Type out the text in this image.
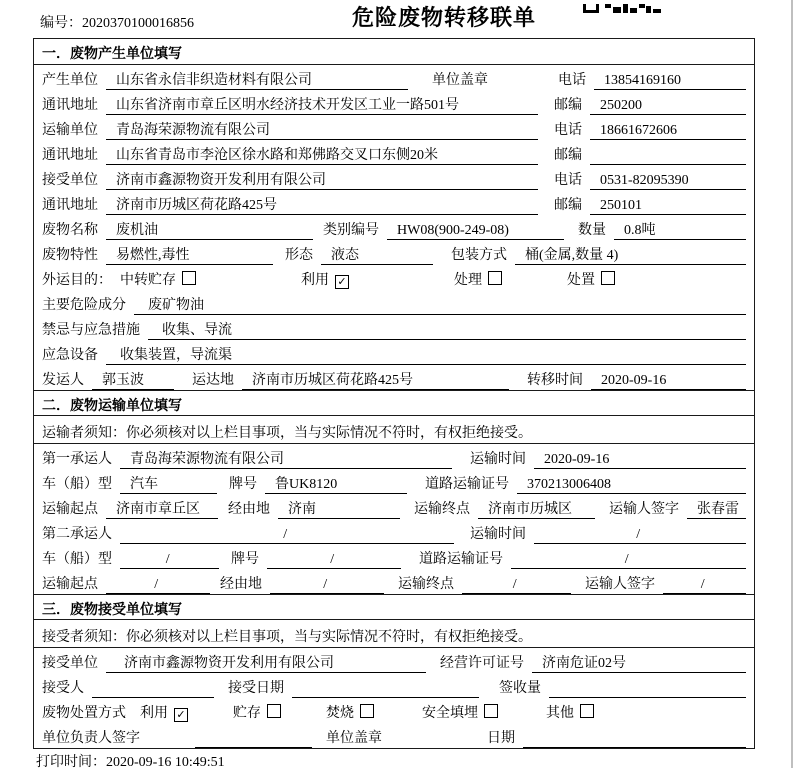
编号：2020370100016856	危险废物转移联单
一．废物产生单位填写
产生单位	山东省永信非织造材料有限公司	单位盖章	电话	13854169160
通讯地址	山东省济南市章丘区明水经济技术开发区工业一路501号	邮编	250200
运输单位	青岛海荣源物流有限公司	电话	18661672606
通讯地址	山东省青岛市李沧区徐水路和郑佛路交叉口东侧20米	邮编
接受单位	济南市鑫源物资开发利用有限公司	电话	0531-82095390
通讯地址	济南市历城区荷花路425号	邮编	250101
废物名称	废机油	类别编号	HW08(900-249-08)	数量	0.8吨
废物特性	易燃性,毒性	形态	液态	包装方式	桶(金属,数量 4)
外运目的： 中转贮存	利用 ✓	处理	处置
主要危险成分	废矿物油
禁忌与应急措施	收集、导流
应急设备	收集装置，导流渠
发运人	郭玉波	运达地	济南市历城区荷花路425号	转移时间	2020-09-16
二．废物运输单位填写
运输者须知：你必须核对以上栏目事项，当与实际情况不符时，有权拒绝接受。
第一承运人	青岛海荣源物流有限公司	运输时间	2020-09-16
车（船）型	汽车	牌号	鲁UK8120	道路运输证号	370213006408
运输起点	济南市章丘区	经由地	济南	运输终点	济南市历城区	运输人签字	张春雷
第二承运人	/	运输时间	/
车（船）型	/	牌号	/	道路运输证号	/
运输起点	/	经由地	/	运输终点	/	运输人签字	/
三．废物接受单位填写
接受者须知：你必须核对以上栏目事项，当与实际情况不符时，有权拒绝接受。
接受单位	济南市鑫源物资开发利用有限公司	经营许可证号	济南危证02号
接受人	接受日期	签收量
废物处置方式 利用 ✓	贮存	焚烧	安全填埋	其他
单位负责人签字	单位盖章	日期
打印时间：2020-09-16 10:49:51
